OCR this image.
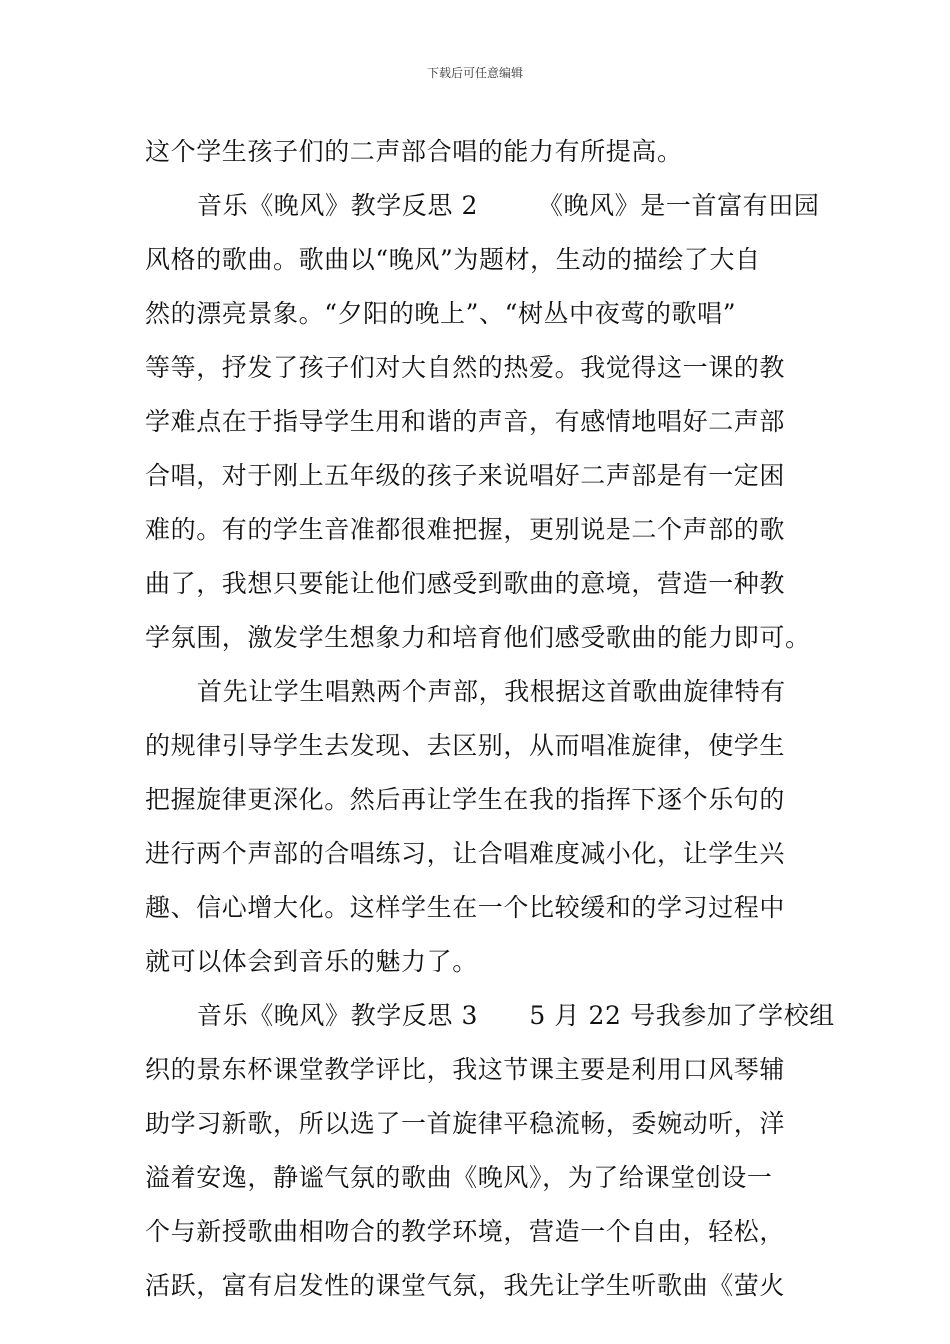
下载后可任意编辑
这个学生孩子们的二声部合唱的能力有所提高。
音乐《晚风》教学反思 2       《晚风》是一首富有田园
风格的歌曲。歌曲以“晚风”为题材，生动的描绘了大自
然的漂亮景象。“夕阳的晚上”、“树丛中夜莺的歌唱”
等等，抒发了孩子们对大自然的热爱。我觉得这一课的教
学难点在于指导学生用和谐的声音，有感情地唱好二声部
合唱，对于刚上五年级的孩子来说唱好二声部是有一定困
难的。有的学生音准都很难把握，更别说是二个声部的歌
曲了，我想只要能让他们感受到歌曲的意境，营造一种教
学氛围，激发学生想象力和培育他们感受歌曲的能力即可。
首先让学生唱熟两个声部，我根据这首歌曲旋律特有
的规律引导学生去发现、去区别，从而唱准旋律，使学生
把握旋律更深化。然后再让学生在我的指挥下逐个乐句的
进行两个声部的合唱练习，让合唱难度减小化，让学生兴
趣、信心增大化。这样学生在一个比较缓和的学习过程中
就可以体会到音乐的魅力了。
音乐《晚风》教学反思 3      5 月 22 号我参加了学校组
织的景东杯课堂教学评比，我这节课主要是利用口风琴辅
助学习新歌，所以选了一首旋律平稳流畅，委婉动听，洋
溢着安逸，静谧气氛的歌曲《晚风》，为了给课堂创设一
个与新授歌曲相吻合的教学环境，营造一个自由，轻松，
活跃，富有启发性的课堂气氛，我先让学生听歌曲《萤火
